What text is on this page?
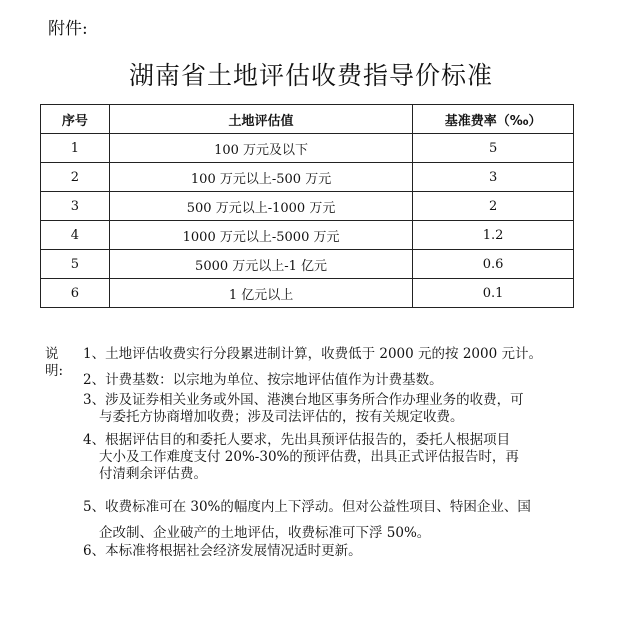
附件:
湖南省土地评估收费指导价标准
序号	土地评估值	基准费率（‰）
1	100 万元及以下	5
2	100 万元以上-500 万元	3
3	500 万元以上-1000 万元	2
4	1000 万元以上-5000 万元	1.2
5	5000 万元以上-1 亿元	0.6
6	1 亿元以上	0.1
说明:
1、土地评估收费实行分段累进制计算，收费低于 2000 元的按 2000 元计。
2、计费基数：以宗地为单位、按宗地评估值作为计费基数。
3、涉及证券相关业务或外国、港澳台地区事务所合作办理业务的收费，可
与委托方协商增加收费；涉及司法评估的，按有关规定收费。
4、根据评估目的和委托人要求，先出具预评估报告的，委托人根据项目
大小及工作难度支付 20%-30%的预评估费，出具正式评估报告时，再
付清剩余评估费。
5、收费标准可在 30%的幅度内上下浮动。但对公益性项目、特困企业、国
企改制、企业破产的土地评估，收费标准可下浮 50%。
6、本标准将根据社会经济发展情况适时更新。
